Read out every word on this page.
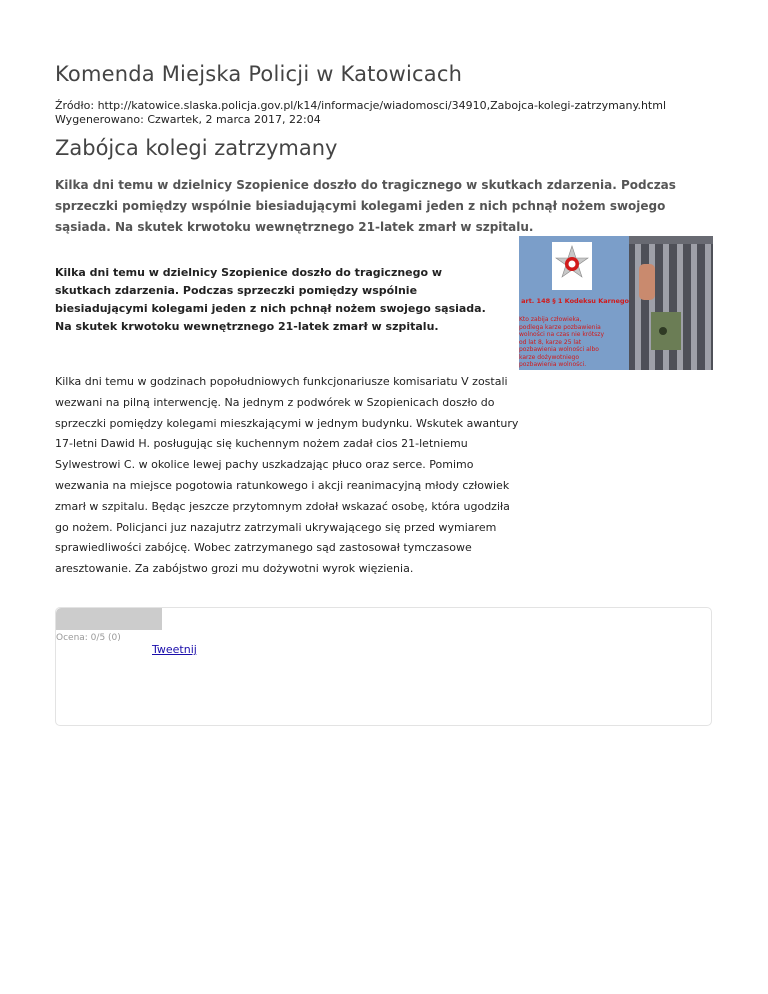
Komenda Miejska Policji w Katowicach
Źródło: http://katowice.slaska.policja.gov.pl/k14/informacje/wiadomosci/34910,Zabojca-kolegi-zatrzymany.html
Wygenerowano: Czwartek, 2 marca 2017, 22:04
Zabójca kolegi zatrzymany

Kilka dni temu w dzielnicy Szopienice doszło do tragicznego w skutkach zdarzenia. Podczas sprzeczki pomiędzy wspólnie biesiadującymi kolegami jeden z nich pchnął nożem swojego sąsiada. Na skutek krwotoku wewnętrznego 21-latek zmarł w szpitalu.

Kilka dni temu w dzielnicy Szopienice doszło do tragicznego w skutkach zdarzenia. Podczas sprzeczki pomiędzy wspólnie biesiadującymi kolegami jeden z nich pchnął nożem swojego sąsiada. Na skutek krwotoku wewnętrznego 21-latek zmarł w szpitalu.

art. 148 § 1 Kodeksu Karnego
Kto zabija człowieka,
podlega karze pozbawienia
wolności na czas nie krótszy
od lat 8, karze 25 lat
pozbawienia wolności albo
karze dożywotniego
pozbawienia wolności.

Kilka dni temu w godzinach popołudniowych funkcjonariusze komisariatu V zostali wezwani na pilną interwencję. Na jednym z podwórek w Szopienicach doszło do sprzeczki pomiędzy kolegami mieszkającymi w jednym budynku. Wskutek awantury 17-letni Dawid H. posługując się kuchennym nożem zadał cios 21-letniemu Sylwestrowi C. w okolice lewej pachy uszkadzając płuco oraz serce. Pomimo wezwania na miejsce pogotowia ratunkowego i akcji reanimacyjną młody człowiek zmarł w szpitalu. Będąc jeszcze przytomnym zdołał wskazać osobę, która ugodziła go nożem. Policjanci juz nazajutrz zatrzymali ukrywającego się przed wymiarem sprawiedliwości zabójcę. Wobec zatrzymanego sąd zastosował tymczasowe aresztowanie. Za zabójstwo grozi mu dożywotni wyrok więzienia.

Ocena: 0/5 (0)
Tweetnij
